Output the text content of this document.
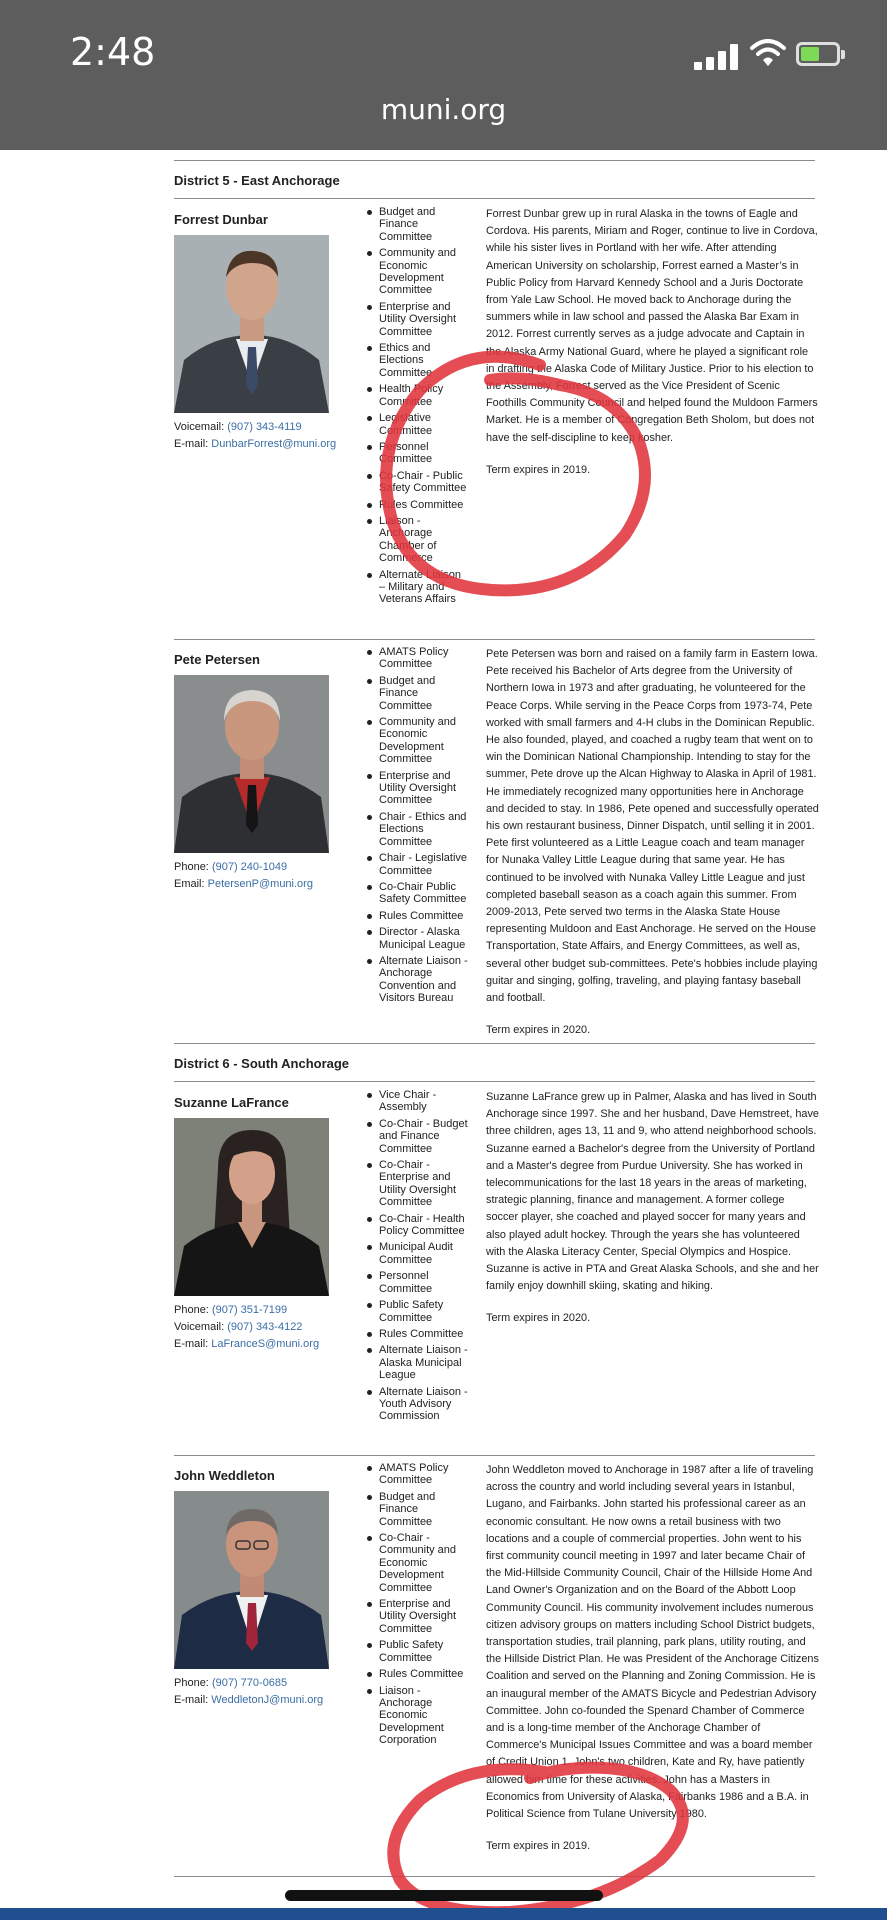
2:48
muni.org
District 5 - East Anchorage
Forrest Dunbar
Voicemail: (907) 343-4119
E-mail: DunbarForrest@muni.org
Budget and Finance Committee
Community and Economic Development Committee
Enterprise and Utility Oversight Committee
Ethics and Elections Committee
Health Policy Committee
Legislative Committee
Personnel Committee
Co-Chair - Public Safety Committee
Rules Committee
Liaison - Anchorage Chamber of Commerce
Alternate Liaison – Military and Veterans Affairs

Forrest Dunbar grew up in rural Alaska in the towns of Eagle and Cordova. His parents, Miriam and Roger, continue to live in Cordova, while his sister lives in Portland with her wife. After attending American University on scholarship, Forrest earned a Master’s in Public Policy from Harvard Kennedy School and a Juris Doctorate from Yale Law School. He moved back to Anchorage during the summers while in law school and passed the Alaska Bar Exam in 2012. Forrest currently serves as a judge advocate and Captain in the Alaska Army National Guard, where he played a significant role in drafting the Alaska Code of Military Justice. Prior to his election to the Assembly, Forrest served as the Vice President of Scenic Foothills Community Council and helped found the Muldoon Farmers Market. He is a member of Congregation Beth Sholom, but does not have the self-discipline to keep kosher.

Term expires in 2019.

Pete Petersen
Phone: (907) 240-1049
Email: PetersenP@muni.org
AMATS Policy Committee
Budget and Finance Committee
Community and Economic Development Committee
Enterprise and Utility Oversight Committee
Chair - Ethics and Elections Committee
Chair - Legislative Committee
Co-Chair Public Safety Committee
Rules Committee
Director - Alaska Municipal League
Alternate Liaison - Anchorage Convention and Visitors Bureau

Pete Petersen was born and raised on a family farm in Eastern Iowa. Pete received his Bachelor of Arts degree from the University of Northern Iowa in 1973 and after graduating, he volunteered for the Peace Corps. While serving in the Peace Corps from 1973-74, Pete worked with small farmers and 4-H clubs in the Dominican Republic. He also founded, played, and coached a rugby team that went on to win the Dominican National Championship. Intending to stay for the summer, Pete drove up the Alcan Highway to Alaska in April of 1981. He immediately recognized many opportunities here in Anchorage and decided to stay. In 1986, Pete opened and successfully operated his own restaurant business, Dinner Dispatch, until selling it in 2001. Pete first volunteered as a Little League coach and team manager for Nunaka Valley Little League during that same year. He has continued to be involved with Nunaka Valley Little League and just completed baseball season as a coach again this summer. From 2009-2013, Pete served two terms in the Alaska State House representing Muldoon and East Anchorage. He served on the House Transportation, State Affairs, and Energy Committees, as well as, several other budget sub-committees. Pete's hobbies include playing guitar and singing, golfing, traveling, and playing fantasy baseball and football.

Term expires in 2020.

District 6 - South Anchorage
Suzanne LaFrance
Phone: (907) 351-7199
Voicemail: (907) 343-4122
E-mail: LaFranceS@muni.org
Vice Chair - Assembly
Co-Chair - Budget and Finance Committee
Co-Chair - Enterprise and Utility Oversight Committee
Co-Chair - Health Policy Committee
Municipal Audit Committee
Personnel Committee
Public Safety Committee
Rules Committee
Alternate Liaison - Alaska Municipal League
Alternate Liaison - Youth Advisory Commission

Suzanne LaFrance grew up in Palmer, Alaska and has lived in South Anchorage since 1997. She and her husband, Dave Hemstreet, have three children, ages 13, 11 and 9, who attend neighborhood schools. Suzanne earned a Bachelor's degree from the University of Portland and a Master's degree from Purdue University. She has worked in telecommunications for the last 18 years in the areas of marketing, strategic planning, finance and management. A former college soccer player, she coached and played soccer for many years and also played adult hockey. Through the years she has volunteered with the Alaska Literacy Center, Special Olympics and Hospice. Suzanne is active in PTA and Great Alaska Schools, and she and her family enjoy downhill skiing, skating and hiking.

Term expires in 2020.

John Weddleton
Phone: (907) 770-0685
E-mail: WeddletonJ@muni.org
AMATS Policy Committee
Budget and Finance Committee
Co-Chair - Community and Economic Development Committee
Enterprise and Utility Oversight Committee
Public Safety Committee
Rules Committee
Liaison - Anchorage Economic Development Corporation

John Weddleton moved to Anchorage in 1987 after a life of traveling across the country and world including several years in Istanbul, Lugano, and Fairbanks. John started his professional career as an economic consultant. He now owns a retail business with two locations and a couple of commercial properties. John went to his first community council meeting in 1997 and later became Chair of the Mid-Hillside Community Council, Chair of the Hillside Home And Land Owner's Organization and on the Board of the Abbott Loop Community Council. His community involvement includes numerous citizen advisory groups on matters including School District budgets, transportation studies, trail planning, park plans, utility routing, and the Hillside District Plan. He was President of the Anchorage Citizens Coalition and served on the Planning and Zoning Commission. He is an inaugural member of the AMATS Bicycle and Pedestrian Advisory Committee. John co-founded the Spenard Chamber of Commerce and is a long-time member of the Anchorage Chamber of Commerce's Municipal Issues Committee and was a board member of Credit Union 1. John's two children, Kate and Ry, have patiently allowed him time for these activities. John has a Masters in Economics from University of Alaska, Fairbanks 1986 and a B.A. in Political Science from Tulane University 1980.

Term expires in 2019.
